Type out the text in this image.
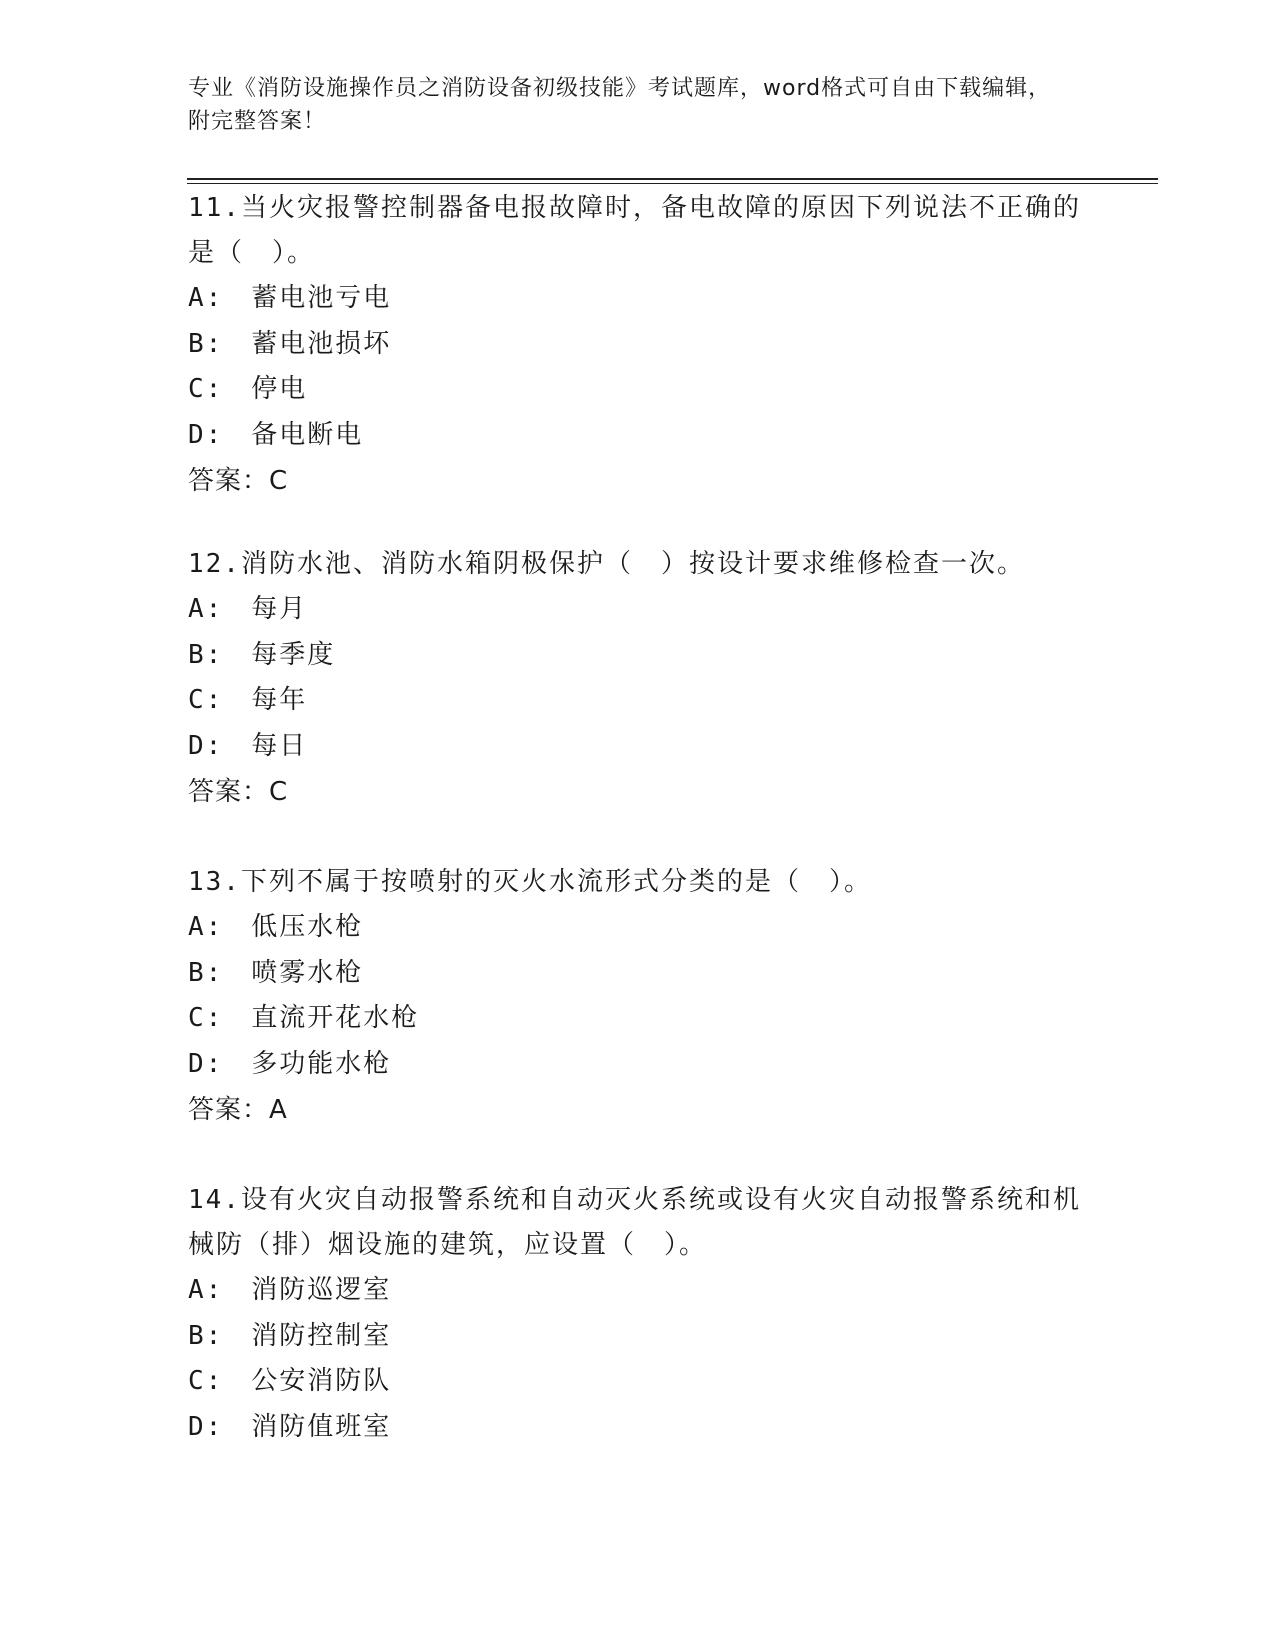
专业《消防设施操作员之消防设备初级技能》考试题库，word格式可自由下载编辑，附完整答案！

11.当火灾报警控制器备电报故障时，备电故障的原因下列说法不正确的是（　）。

A:　蓄电池亏电

B:　蓄电池损坏

C:　停电

D:　备电断电

答案：C

12.消防水池、消防水箱阴极保护（　）按设计要求维修检查一次。

A:　每月

B:　每季度

C:　每年

D:　每日

答案：C

13.下列不属于按喷射的灭火水流形式分类的是（　）。

A:　低压水枪

B:　喷雾水枪

C:　直流开花水枪

D:　多功能水枪

答案：A

14.设有火灾自动报警系统和自动灭火系统或设有火灾自动报警系统和机械防（排）烟设施的建筑，应设置（　）。

A:　消防巡逻室

B:　消防控制室

C:　公安消防队

D:　消防值班室
